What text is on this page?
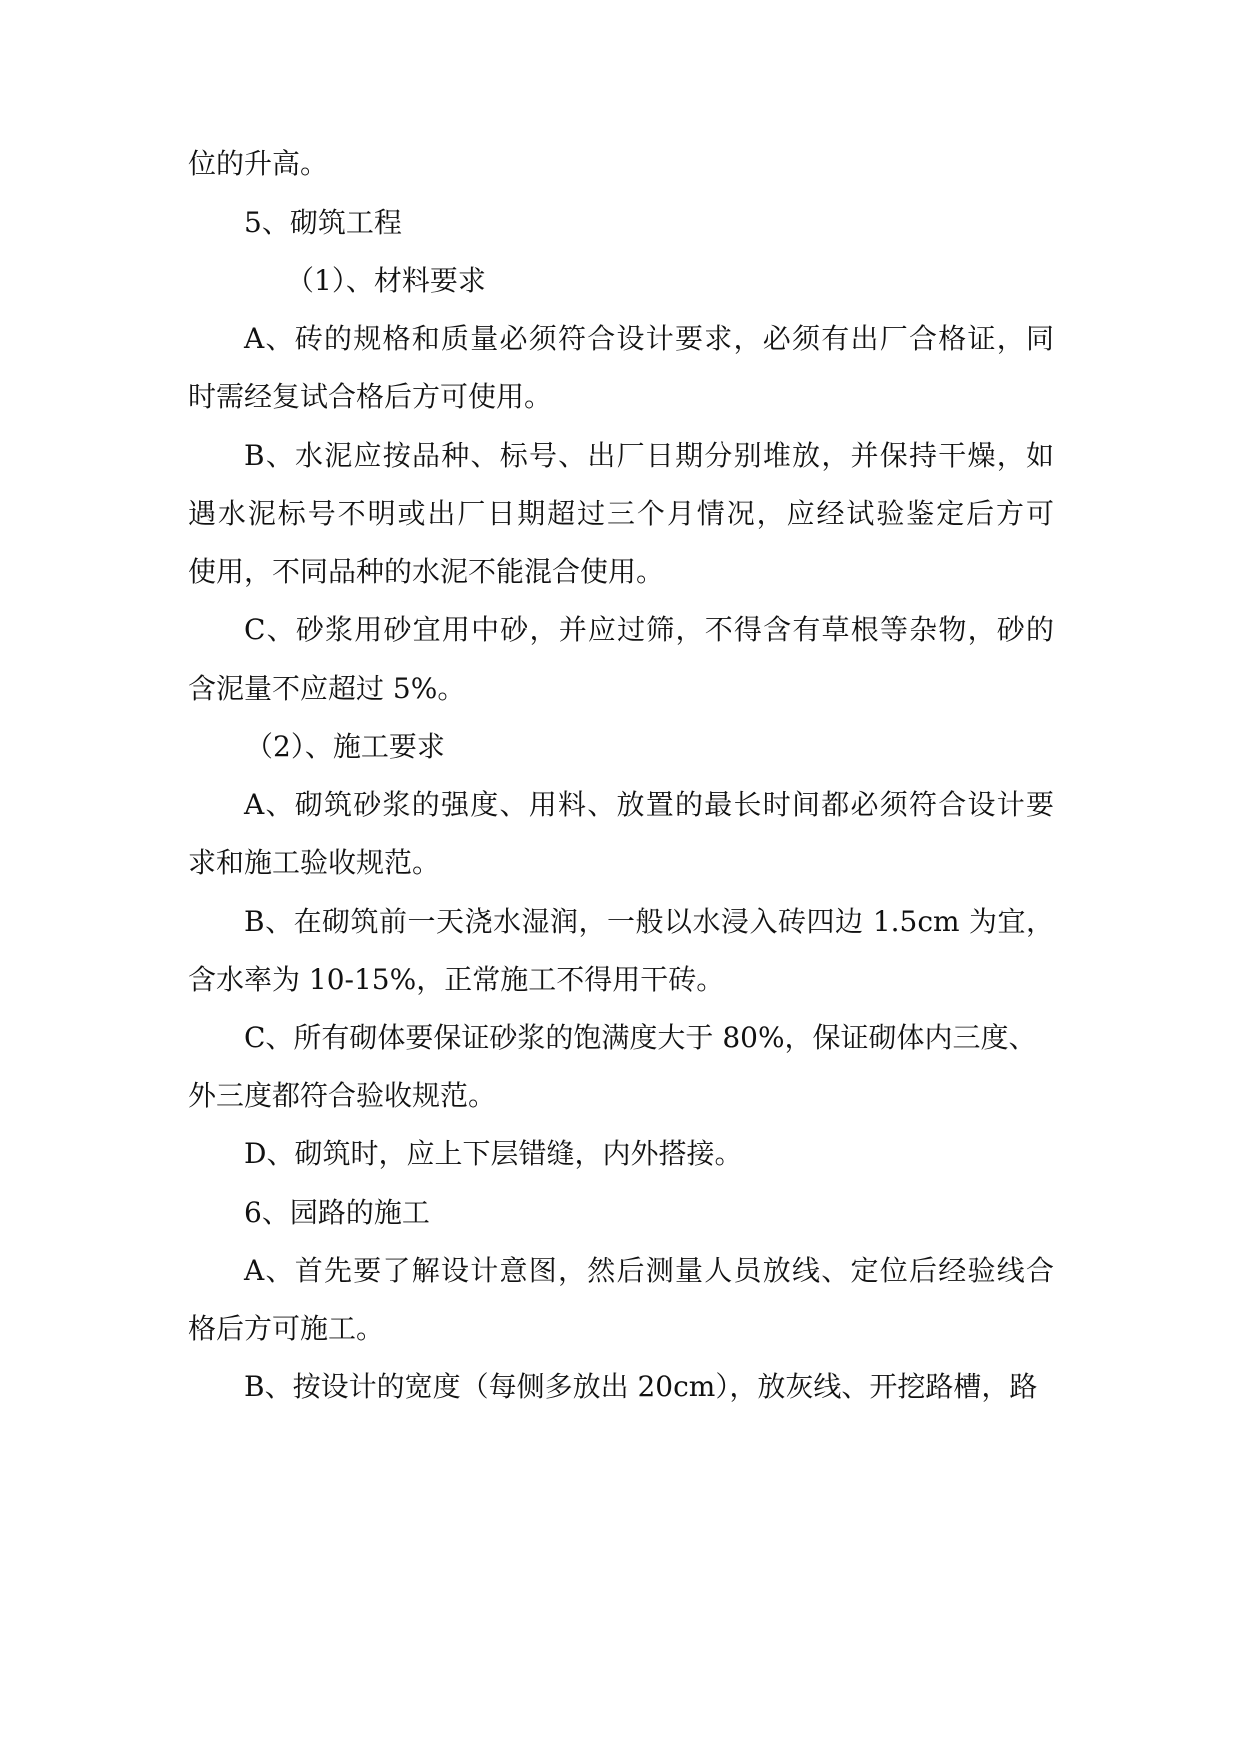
位的升高。
5、砌筑工程
（1）、材料要求
A、砖的规格和质量必须符合设计要求，必须有出厂合格证，同
时需经复试合格后方可使用。
B、水泥应按品种、标号、出厂日期分别堆放，并保持干燥，如
遇水泥标号不明或出厂日期超过三个月情况，应经试验鉴定后方可
使用，不同品种的水泥不能混合使用。
C、砂浆用砂宜用中砂，并应过筛，不得含有草根等杂物，砂的
含泥量不应超过 5%。
（2）、施工要求
A、砌筑砂浆的强度、用料、放置的最长时间都必须符合设计要
求和施工验收规范。
B、在砌筑前一天浇水湿润，一般以水浸入砖四边 1.5cm 为宜，
含水率为 10-15%，正常施工不得用干砖。
C、所有砌体要保证砂浆的饱满度大于 80%，保证砌体内三度、
外三度都符合验收规范。
D、砌筑时，应上下层错缝，内外搭接。
6、园路的施工
A、首先要了解设计意图，然后测量人员放线、定位后经验线合
格后方可施工。
B、按设计的宽度（每侧多放出 20cm），放灰线、开挖路槽，路
